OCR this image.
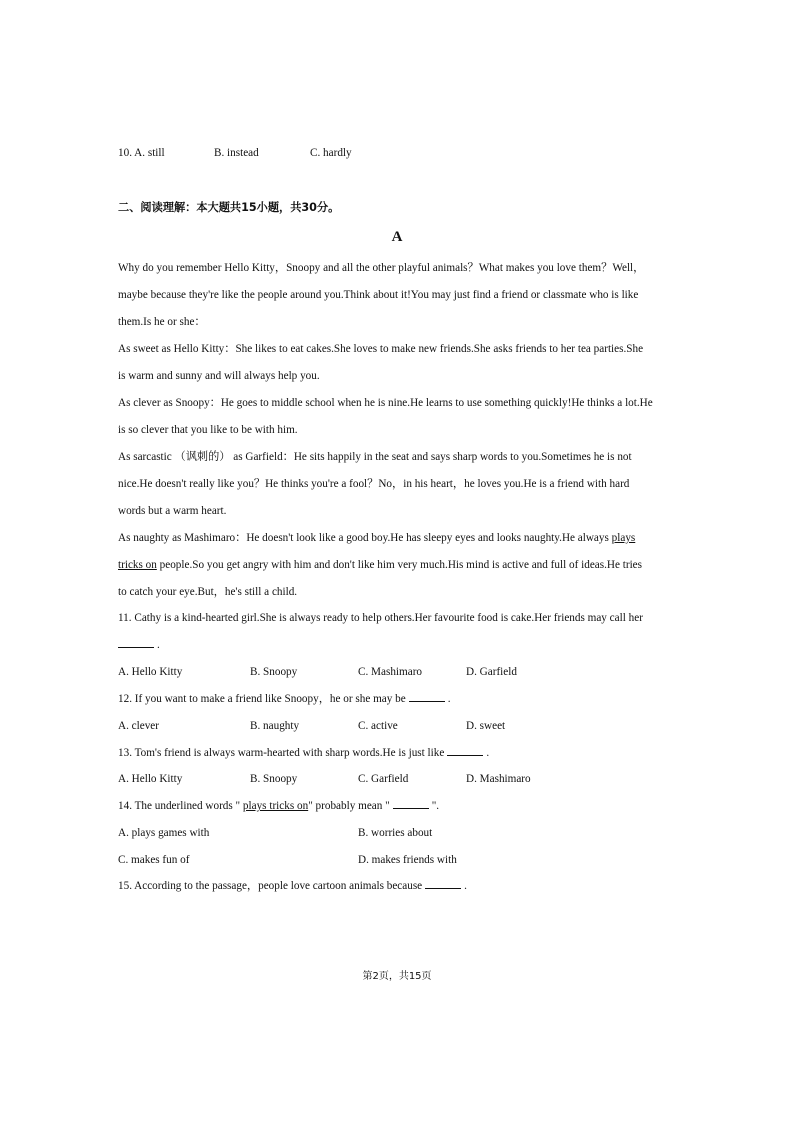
10. A. still	B. instead	C. hardly
二、阅读理解：本大题共15小题，共30分。
A
Why do you remember Hello Kitty，Snoopy and all the other playful animals？What makes you love them？Well，
maybe because they're like the people around you.Think about it!You may just find a friend or classmate who is like
them.Is he or she：
As sweet as Hello Kitty：She likes to eat cakes.She loves to make new friends.She asks friends to her tea parties.She
is warm and sunny and will always help you.
As clever as Snoopy：He goes to middle school when he is nine.He learns to use something quickly!He thinks a lot.He
is so clever that you like to be with him.
As sarcastic （讽刺的） as Garfield：He sits happily in the seat and says sharp words to you.Sometimes he is not
nice.He doesn't really like you？He thinks you're a fool？No，in his heart，he loves you.He is a friend with hard
words but a warm heart.
As naughty as Mashimaro：He doesn't look like a good boy.He has sleepy eyes and looks naughty.He always plays
tricks on people.So you get angry with him and don't like him very much.His mind is active and full of ideas.He tries
to catch your eye.But，he's still a child.
11. Cathy is a kind-hearted girl.She is always ready to help others.Her favourite food is cake.Her friends may call her
.
A. Hello Kitty	B. Snoopy	C. Mashimaro	D. Garfield
12. If you want to make a friend like Snoopy，he or she may be	.
A. clever	B. naughty	C. active	D. sweet
13. Tom's friend is always warm-hearted with sharp words.He is just like	.
A. Hello Kitty	B. Snoopy	C. Garfield	D. Mashimaro
14. The underlined words " plays tricks on" probably mean "	".
A. plays games with	B. worries about
C. makes fun of	D. makes friends with
15. According to the passage，people love cartoon animals because	.
第2页，共15页
